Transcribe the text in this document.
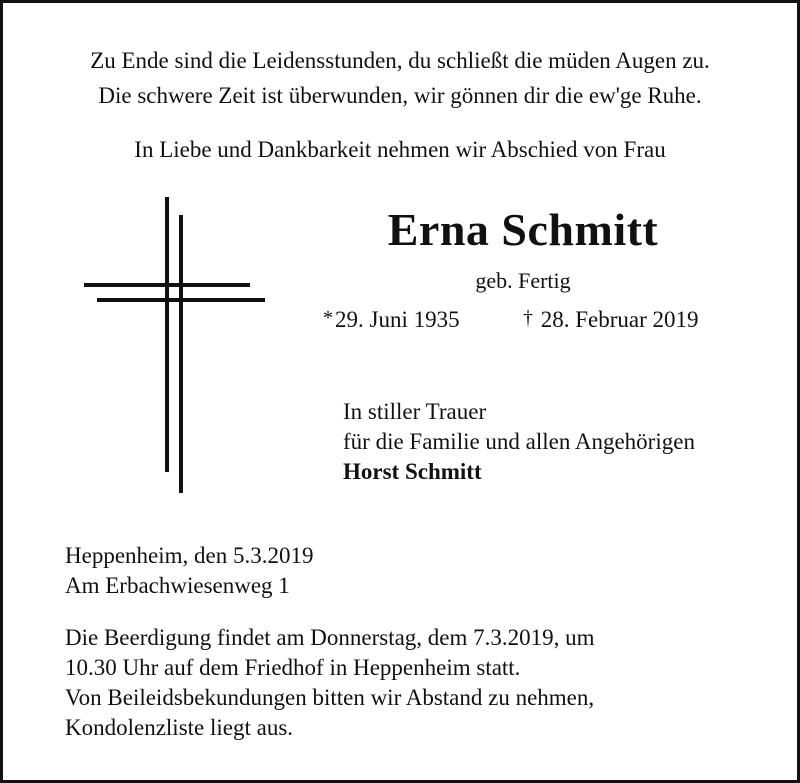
Zu Ende sind die Leidensstunden, du schließt die müden Augen zu.
Die schwere Zeit ist überwunden, wir gönnen dir die ew'ge Ruhe.
In Liebe und Dankbarkeit nehmen wir Abschied von Frau
Erna Schmitt
geb. Fertig
*29. Juni 1935	† 28. Februar 2019
In stiller Trauer
für die Familie und allen Angehörigen
Horst Schmitt
Heppenheim, den 5.3.2019
Am Erbachwiesenweg 1
Die Beerdigung findet am Donnerstag, dem 7.3.2019, um
10.30 Uhr auf dem Friedhof in Heppenheim statt.
Von Beileidsbekundungen bitten wir Abstand zu nehmen,
Kondolenzliste liegt aus.
